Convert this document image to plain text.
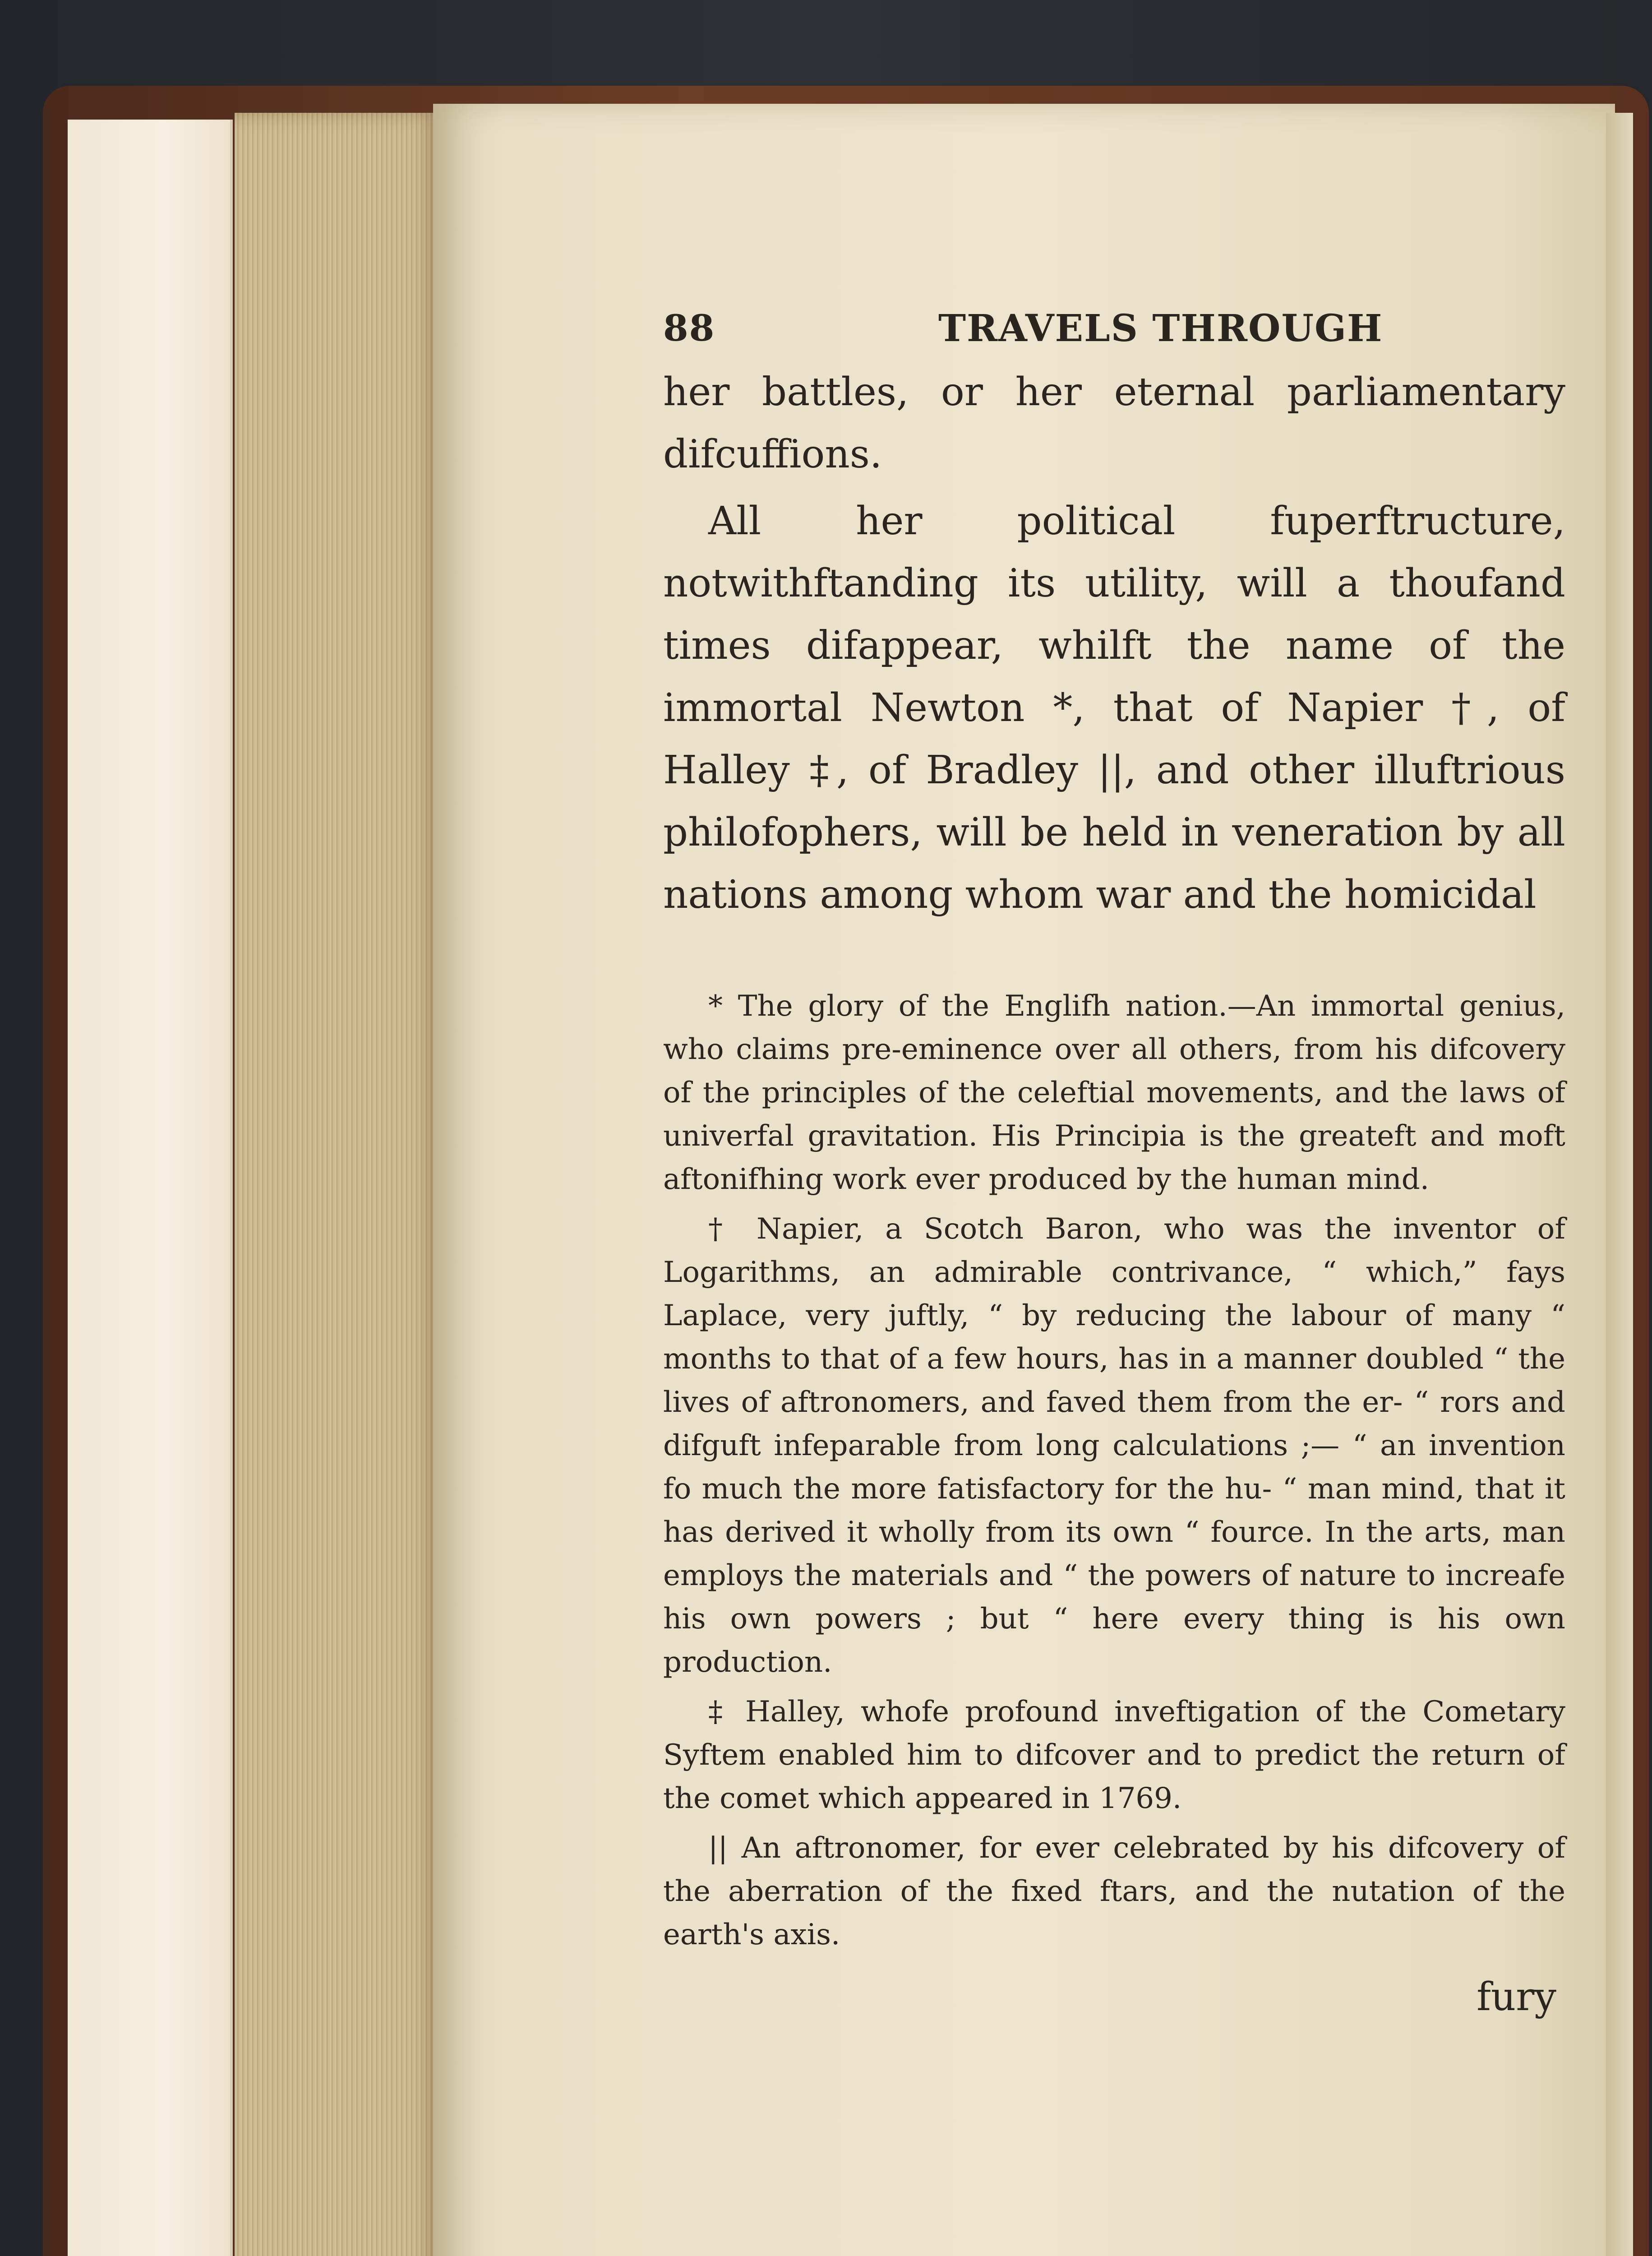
88	TRAVELS THROUGH

her battles, or her eternal parliamentary difcuffions.

All her political fuperftructure, notwithftanding its utility, will a thoufand times difappear, whilft the name of the immortal Newton *, that of Napier †, of Halley ‡, of Bradley ||, and other illuftrious philofophers, will be held in veneration by all nations among whom war and the homicidal

* The glory of the Englifh nation.—An immortal genius, who claims pre-eminence over all others, from his difcovery of the principles of the celeftial movements, and the laws of univerfal gravitation. His Principia is the greateft and moft aftonifhing work ever produced by the human mind.

† Napier, a Scotch Baron, who was the inventor of Logarithms, an admirable contrivance, “ which,” fays Laplace, very juftly, “ by reducing the labour of many “ months to that of a few hours, has in a manner doubled “ the lives of aftronomers, and faved them from the er- “ rors and difguft infeparable from long calculations ;— “ an invention fo much the more fatisfactory for the hu- “ man mind, that it has derived it wholly from its own “ fource. In the arts, man employs the materials and “ the powers of nature to increafe his own powers ; but “ here every thing is his own production.

‡ Halley, whofe profound inveftigation of the Cometary Syftem enabled him to difcover and to predict the return of the comet which appeared in 1769.

|| An aftronomer, for ever celebrated by his difcovery of the aberration of the fixed ftars, and the nutation of the earth's axis.

fury
